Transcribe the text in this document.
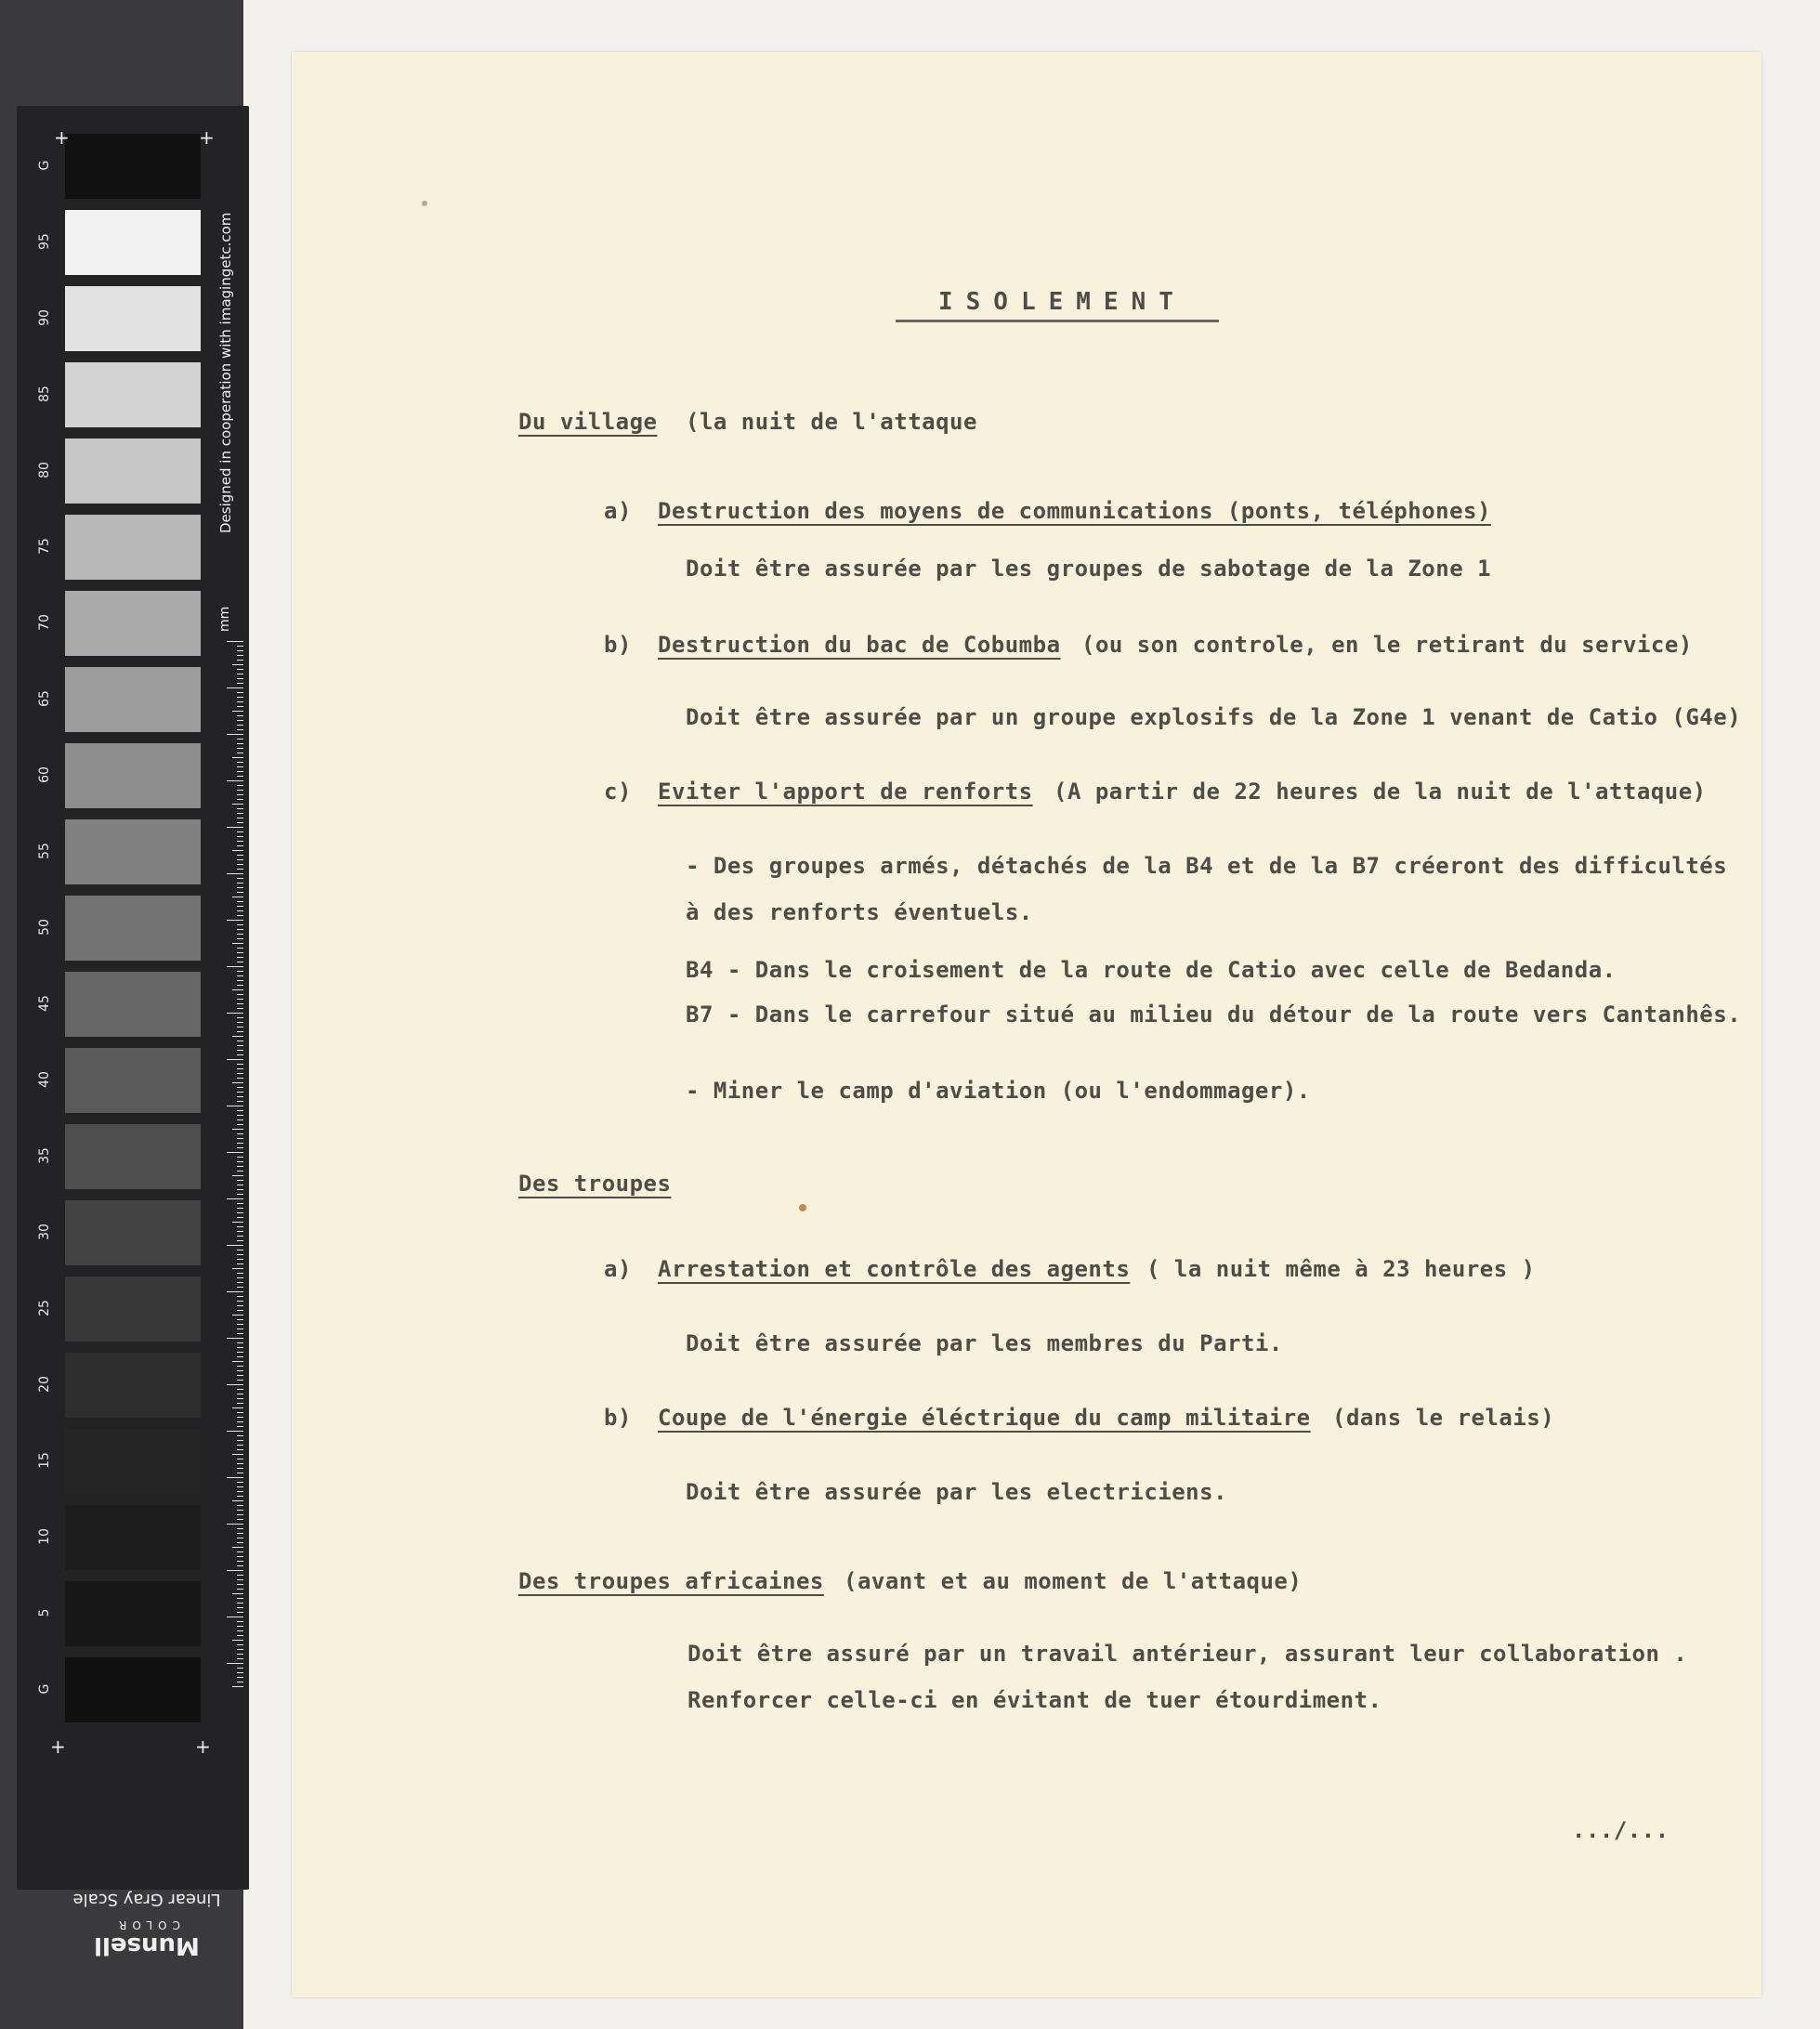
G
95
90
85
80
75
70
65
60
55
50
45
40
35
30
25
20
15
10
5
G
+	+
+	+
Designed in cooperation with imagingetc.com
mm
Munsell
COLOR
Linear Gray Scale
ISOLEMENT
Du village (la nuit de l'attaque
a) Destruction des moyens de communications (ponts, téléphones)
Doit être assurée par les groupes de sabotage de la Zone 1
b) Destruction du bac de Cobumba (ou son controle, en le retirant du service)
Doit être assurée par un groupe explosifs de la Zone 1 venant de Catio (G4e)
c) Eviter l'apport de renforts (A partir de 22 heures de la nuit de l'attaque)
- Des groupes armés, détachés de la B4 et de la B7 créeront des difficultés
à des renforts éventuels.
B4 - Dans le croisement de la route de Catio avec celle de Bedanda.
B7 - Dans le carrefour situé au milieu du détour de la route vers Cantanhês.
- Miner le camp d'aviation (ou l'endommager).
Des troupes
a) Arrestation et contrôle des agents ( la nuit même à 23 heures )
Doit être assurée par les membres du Parti.
b) Coupe de l'énergie éléctrique du camp militaire (dans le relais)
Doit être assurée par les electriciens.
Des troupes africaines (avant et au moment de l'attaque)
Doit être assuré par un travail antérieur, assurant leur collaboration .
Renforcer celle-ci en évitant de tuer étourdiment.
.../...
